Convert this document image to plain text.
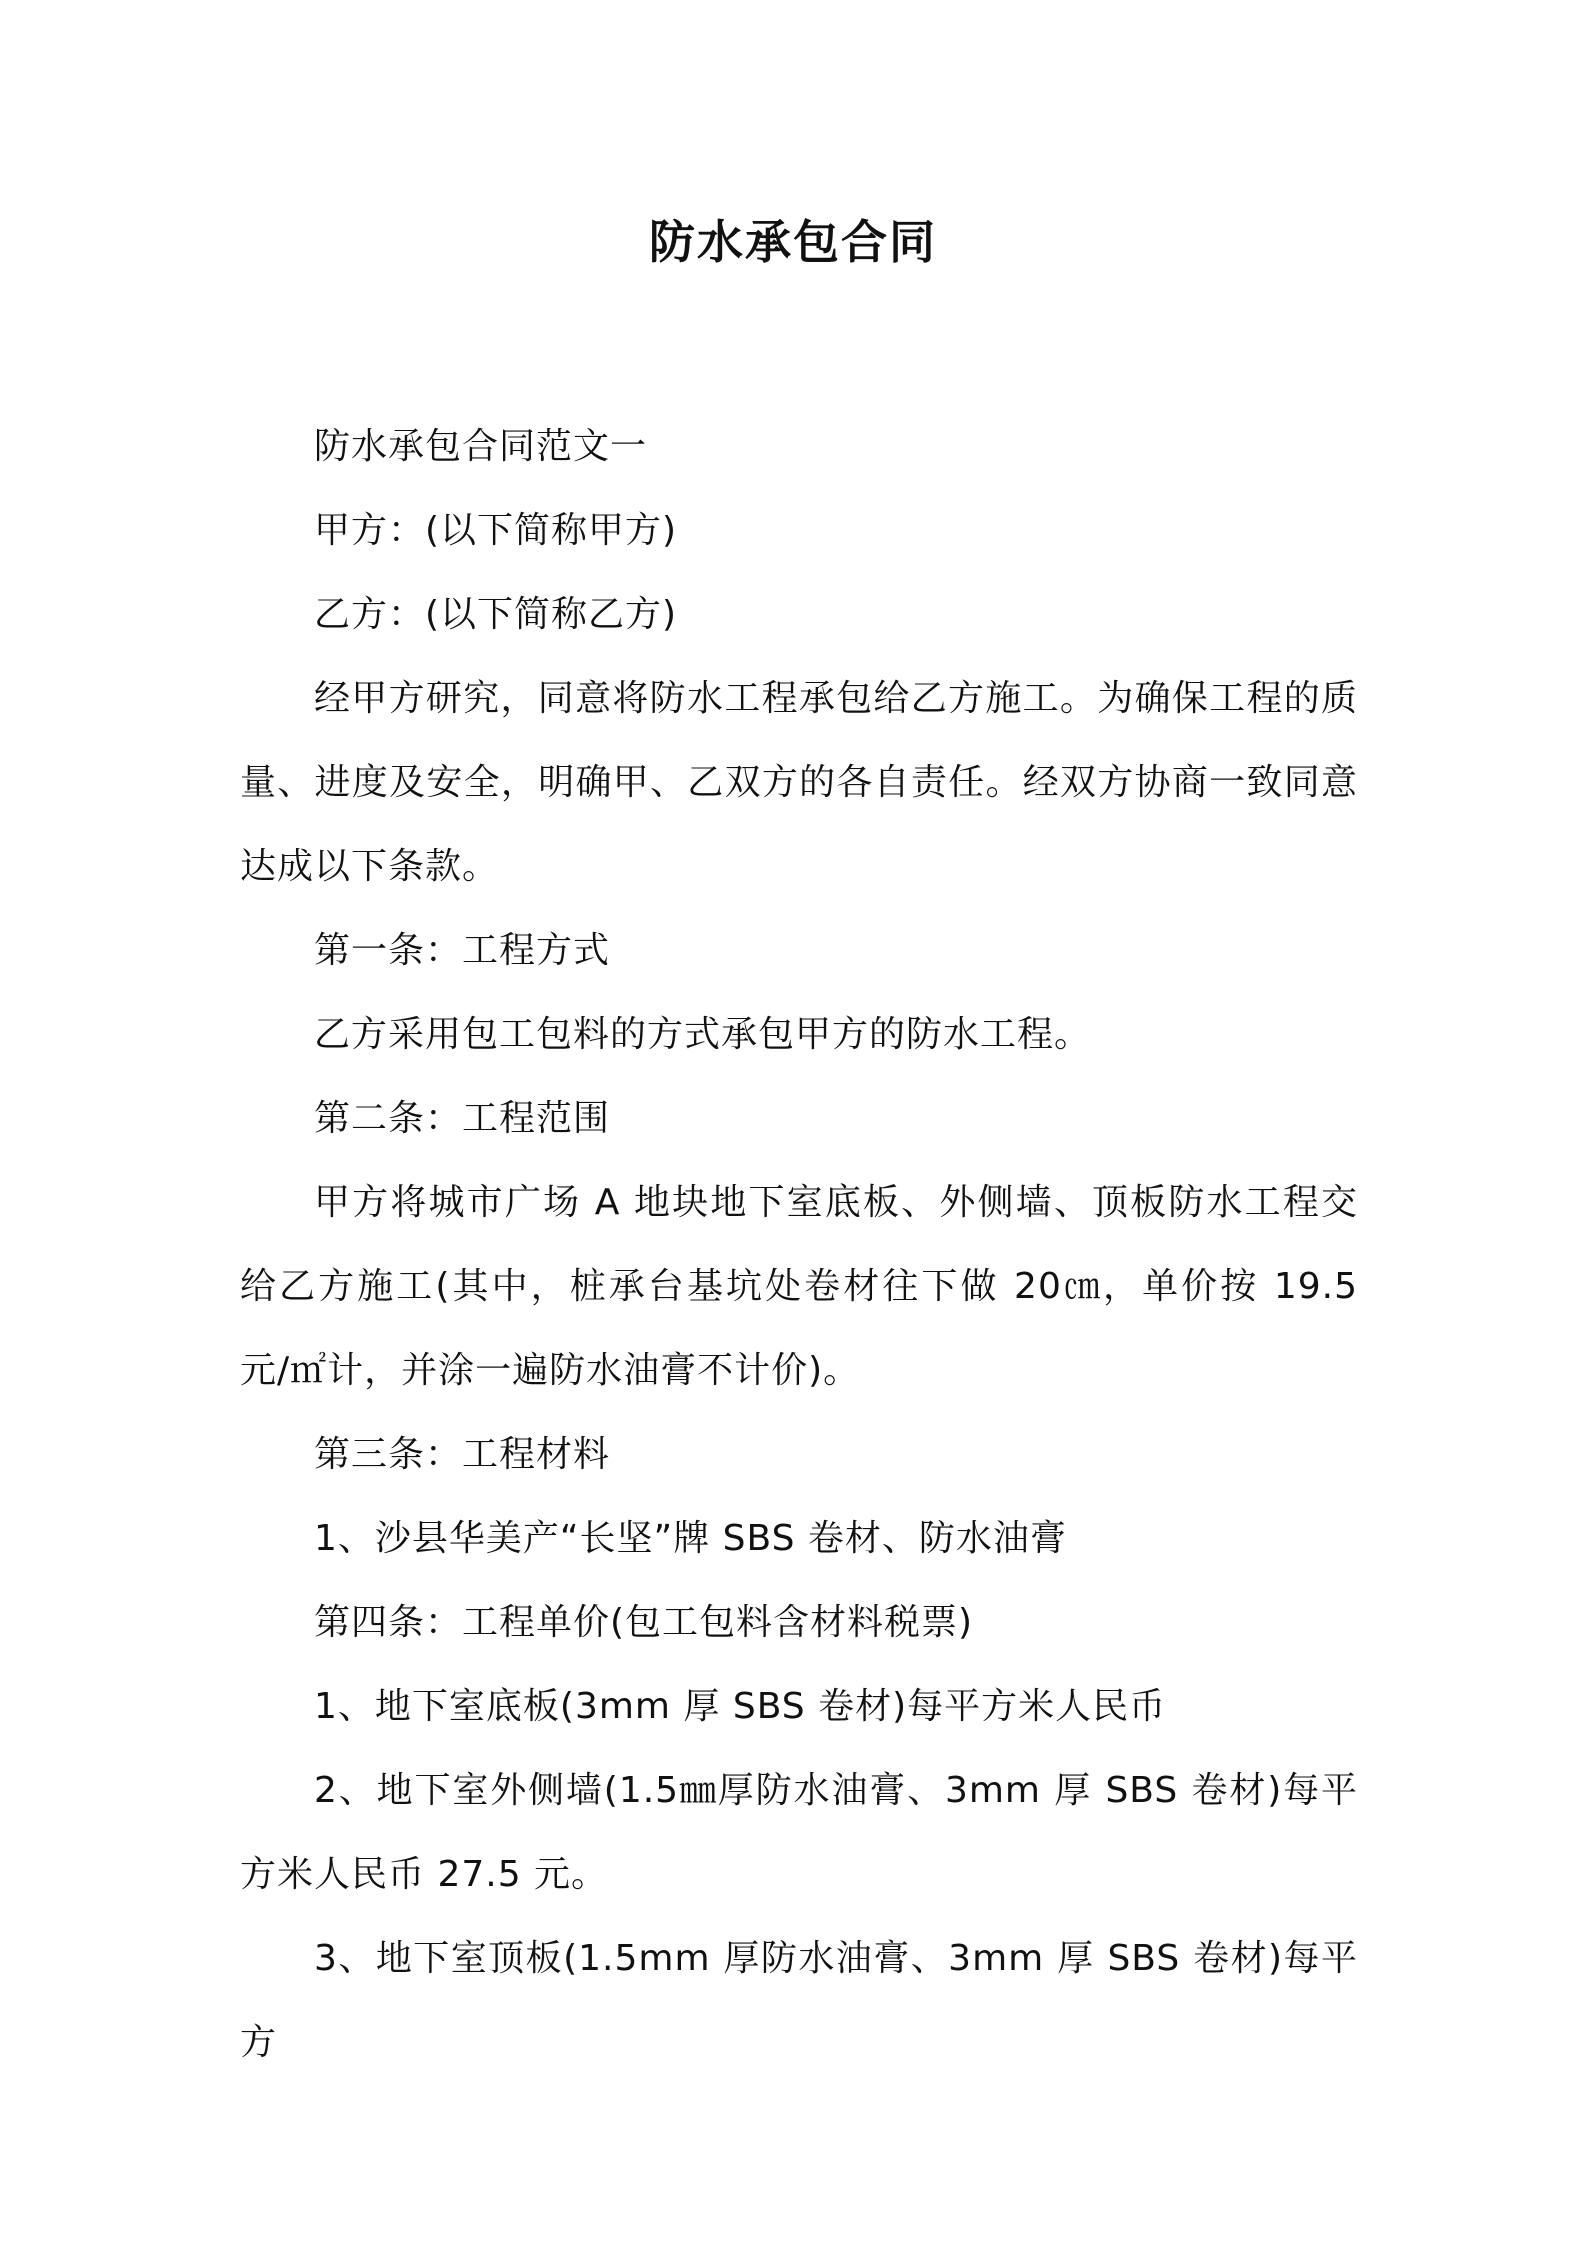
防水承包合同

防水承包合同范文一

甲方：(以下简称甲方)

乙方：(以下简称乙方)

经甲方研究，同意将防水工程承包给乙方施工。为确保工程的质量、进度及安全，明确甲、乙双方的各自责任。经双方协商一致同意达成以下条款。

第一条：工程方式

乙方采用包工包料的方式承包甲方的防水工程。

第二条：工程范围

甲方将城市广场 A 地块地下室底板、外侧墙、顶板防水工程交给乙方施工(其中，桩承台基坑处卷材往下做 20㎝，单价按 19.5 元/㎡计，并涂一遍防水油膏不计价)。

第三条：工程材料

1、沙县华美产“长坚”牌 SBS 卷材、防水油膏

第四条：工程单价(包工包料含材料税票)

1、地下室底板(3mm 厚 SBS 卷材)每平方米人民币

2、地下室外侧墙(1.5㎜厚防水油膏、3mm 厚 SBS 卷材)每平方米人民币 27.5 元。

3、地下室顶板(1.5mm 厚防水油膏、3mm 厚 SBS 卷材)每平方
